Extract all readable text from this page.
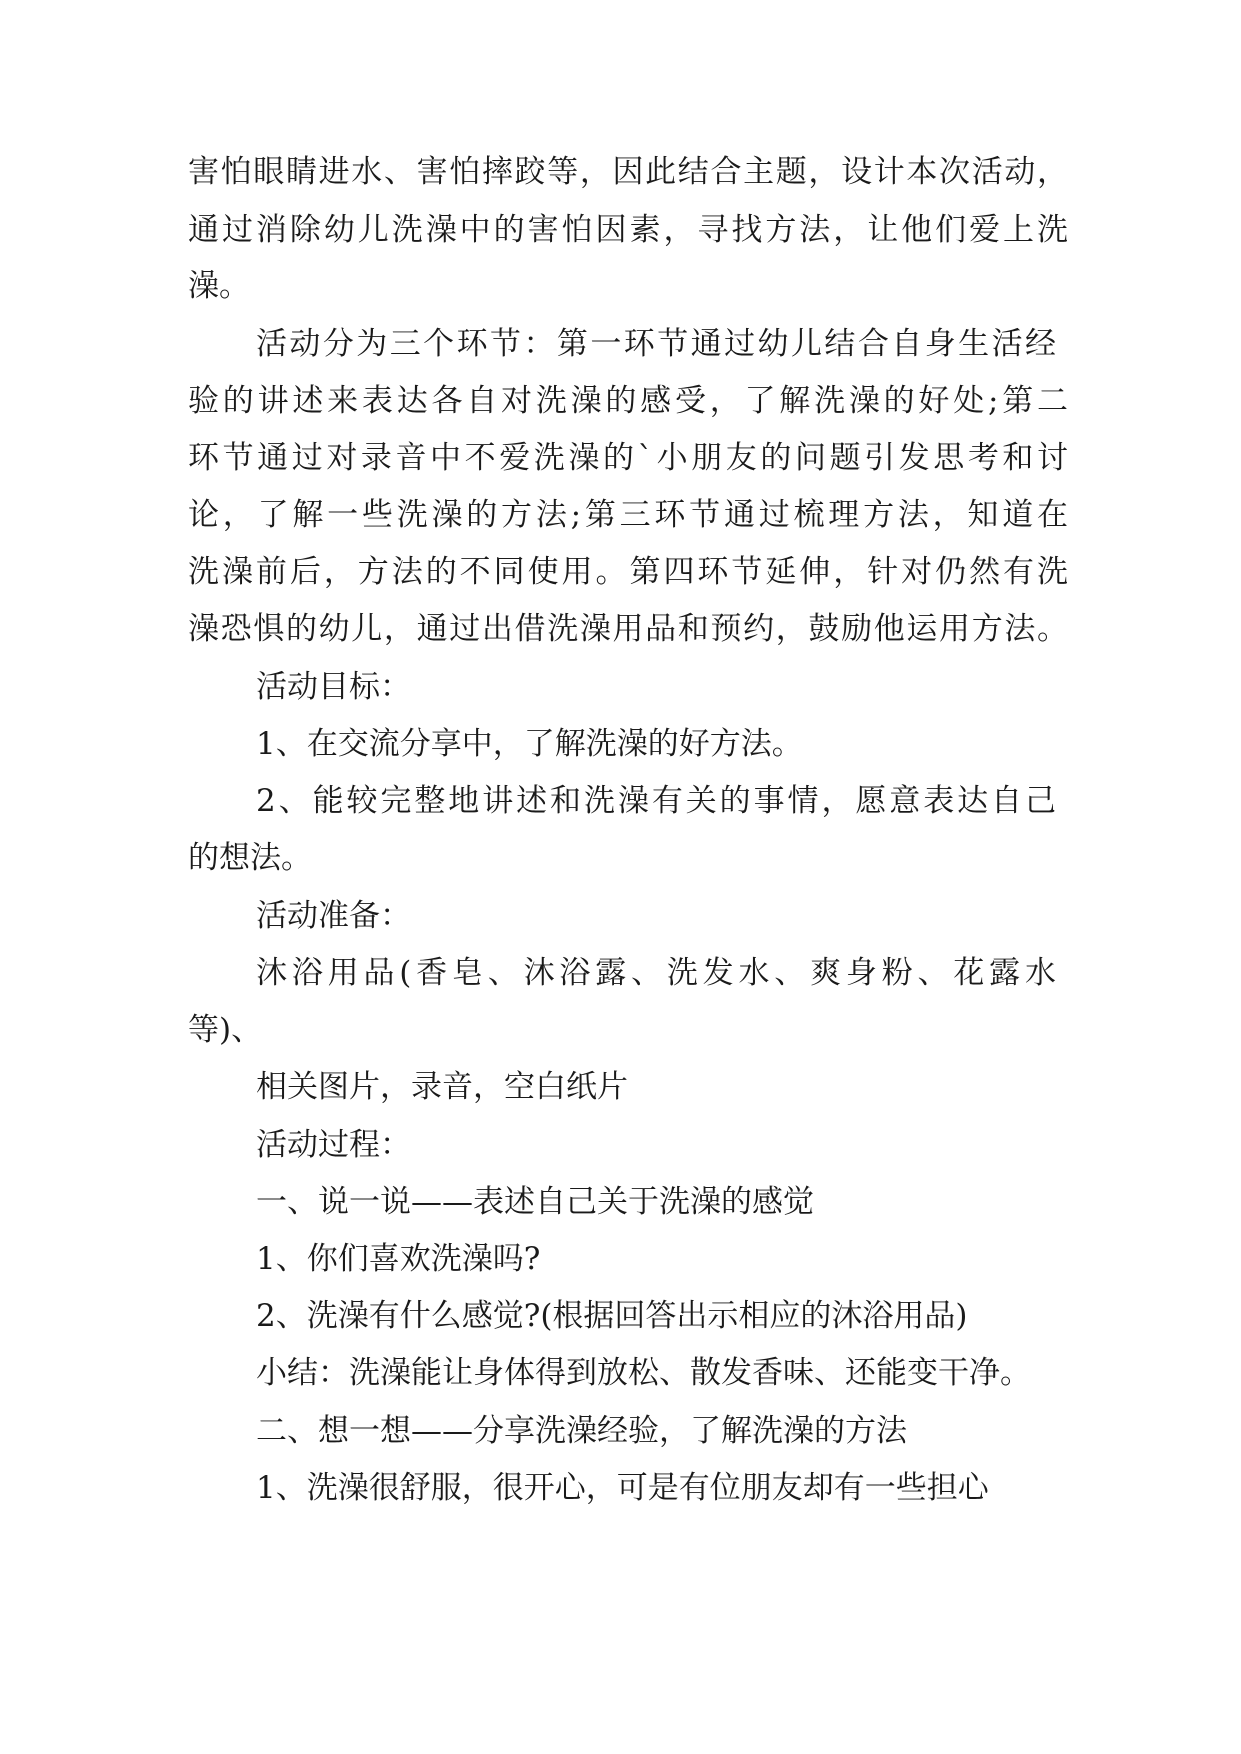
害怕眼睛进水、害怕摔跤等，因此结合主题，设计本次活动，
通过消除幼儿洗澡中的害怕因素，寻找方法，让他们爱上洗
澡。
活动分为三个环节：第一环节通过幼儿结合自身生活经
验的讲述来表达各自对洗澡的感受，了解洗澡的好处;第二
环节通过对录音中不爱洗澡的`小朋友的问题引发思考和讨
论，了解一些洗澡的方法;第三环节通过梳理方法，知道在
洗澡前后，方法的不同使用。第四环节延伸，针对仍然有洗
澡恐惧的幼儿，通过出借洗澡用品和预约，鼓励他运用方法。
活动目标：
1、在交流分享中，了解洗澡的好方法。
2、能较完整地讲述和洗澡有关的事情，愿意表达自己
的想法。
活动准备：
沐浴用品(香皂、沐浴露、洗发水、爽身粉、花露水
等)、
相关图片，录音，空白纸片
活动过程：
一、说一说——表述自己关于洗澡的感觉
1、你们喜欢洗澡吗?
2、洗澡有什么感觉?(根据回答出示相应的沐浴用品)
小结：洗澡能让身体得到放松、散发香味、还能变干净。
二、想一想——分享洗澡经验，了解洗澡的方法
1、洗澡很舒服，很开心，可是有位朋友却有一些担心
